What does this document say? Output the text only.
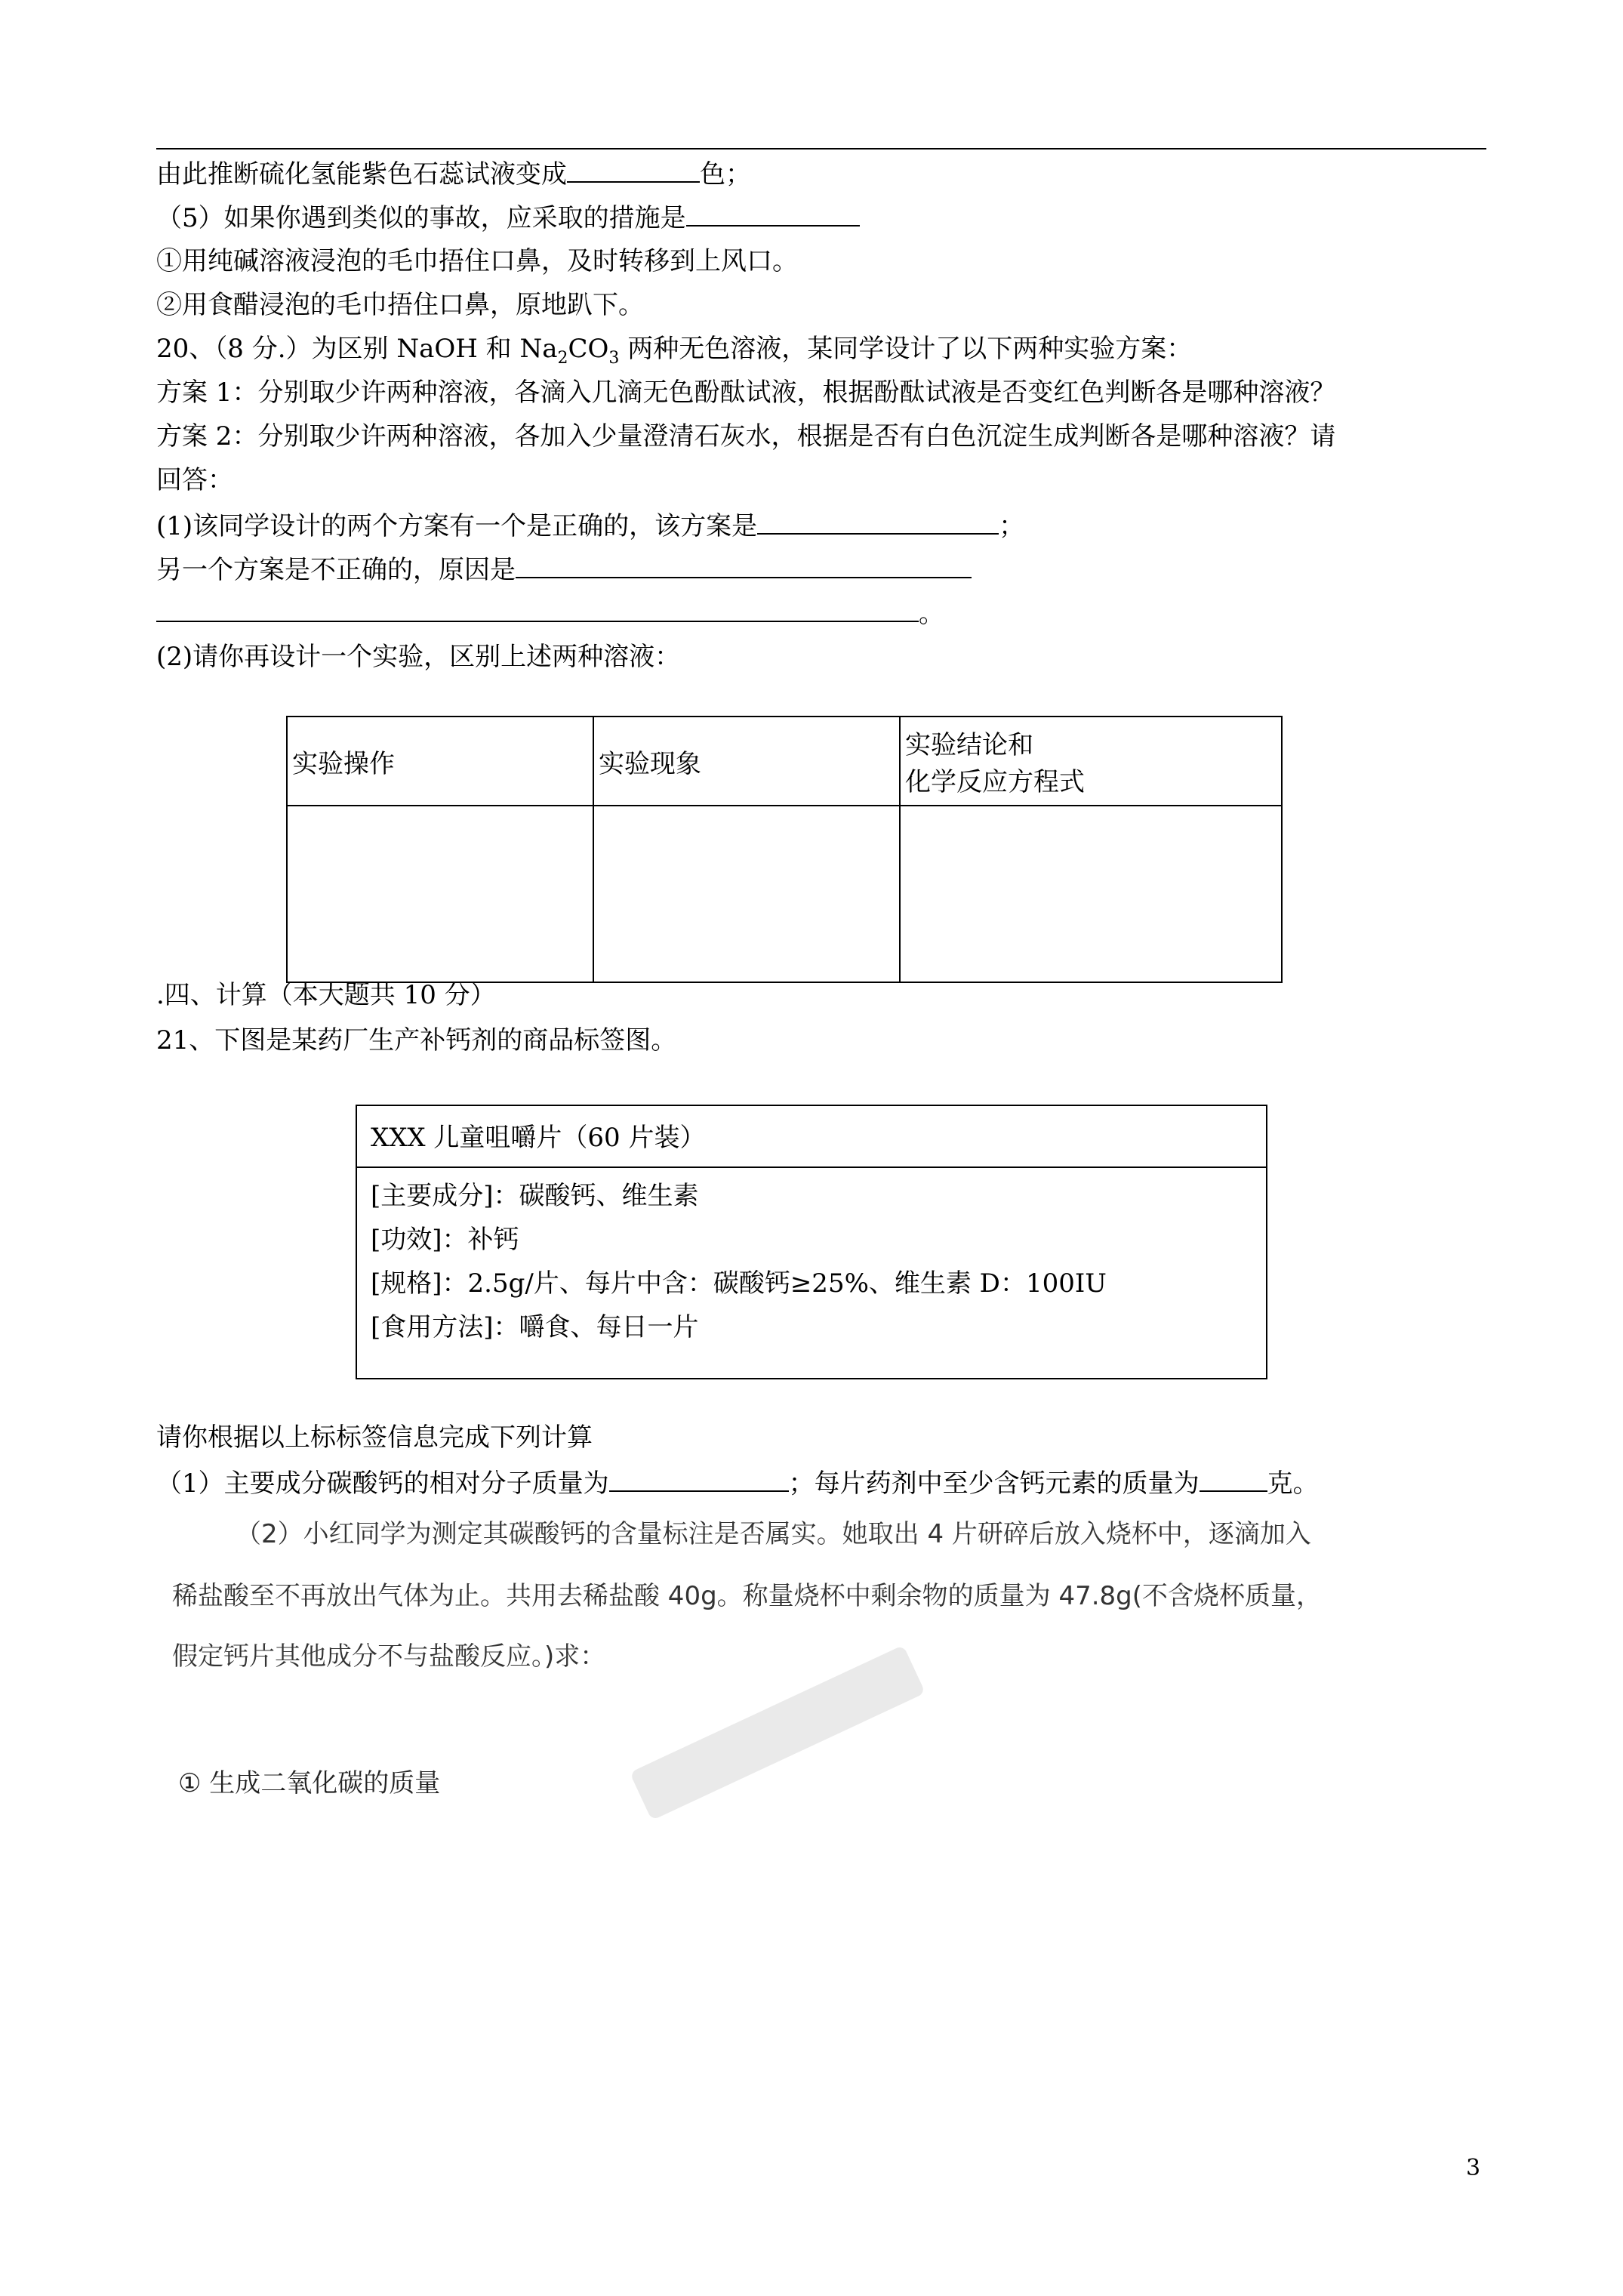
由此推断硫化氢能紫色石蕊试液变成	色；
（5）如果你遇到类似的事故，应采取的措施是
①用纯碱溶液浸泡的毛巾捂住口鼻，及时转移到上风口。
②用食醋浸泡的毛巾捂住口鼻，原地趴下。
20、（8 分.）为区别 NaOH 和 $Na_2CO_3$ 两种无色溶液，某同学设计了以下两种实验方案：
方案 1：分别取少许两种溶液，各滴入几滴无色酚酞试液，根据酚酞试液是否变红色判断各是哪种溶液？
方案 2：分别取少许两种溶液，各加入少量澄清石灰水，根据是否有白色沉淀生成判断各是哪种溶液？请
回答：
(1)该同学设计的两个方案有一个是正确的，该方案是	；
另一个方案是不正确的，原因是
。
(2)请你再设计一个实验，区别上述两种溶液：
实验操作	实验现象	实验结论和
化学反应方程式

.四、计算（本大题共 10 分）
21、下图是某药厂生产补钙剂的商品标签图。
XXX 儿童咀嚼片（60 片装）
[主要成分]：碳酸钙、维生素
[功效]：补钙
[规格]：2.5g/片、每片中含：碳酸钙≥25%、维生素 D：100IU
[食用方法]：嚼食、每日一片
请你根据以上标标签信息完成下列计算
（1）主要成分碳酸钙的相对分子质量为	；每片药剂中至少含钙元素的质量为	克。
（2）小红同学为测定其碳酸钙的含量标注是否属实。她取出 4 片研碎后放入烧杯中，逐滴加入
稀盐酸至不再放出气体为止。共用去稀盐酸 40g。称量烧杯中剩余物的质量为 47.8g(不含烧杯质量，
假定钙片其他成分不与盐酸反应。)求：
① 生成二氧化碳的质量
3
